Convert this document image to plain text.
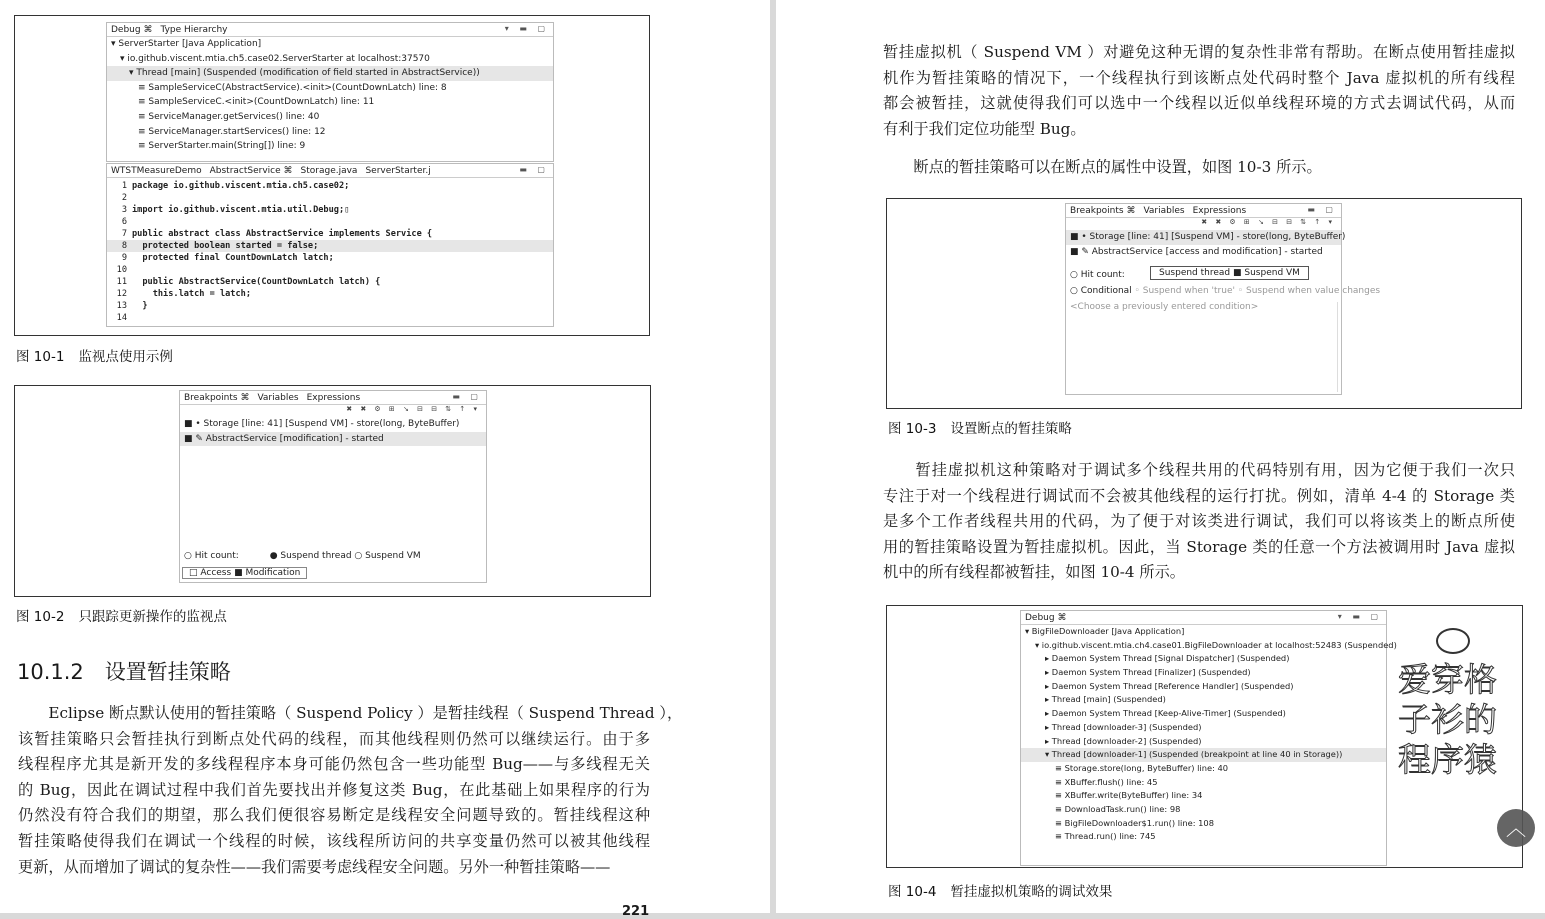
Debug ⌘ Type Hierarchy	▾ ▬ ▢
▾ ServerStarter [Java Application]
▾ io.github.viscent.mtia.ch5.case02.ServerStarter at localhost:37570
▾ Thread [main] (Suspended (modification of field started in AbstractService))
≡ SampleServiceC(AbstractService).<init>(CountDownLatch) line: 8
≡ SampleServiceC.<init>(CountDownLatch) line: 11
≡ ServiceManager.getServices() line: 40
≡ ServiceManager.startServices() line: 12
≡ ServerStarter.main(String[]) line: 9
WTSTMeasureDemo AbstractService ⌘ Storage.java ServerStarter.j	▬ ▢
1 package io.github.viscent.mtia.ch5.case02;
2
3 import io.github.viscent.mtia.util.Debug;▯
6
7 public abstract class AbstractService implements Service {
8  protected boolean started = false;
9  protected final CountDownLatch latch;
10
11  public AbstractService(CountDownLatch latch) {
12    this.latch = latch;
13  }
14
图 10-1 监视点使用示例
Breakpoints ⌘ Variables Expressions	▬ ▢
✖ ✖ ⚙ ⊞ ↘ ⊟ ⊟ ⇅ ↑ ▾
■ • Storage [line: 41] [Suspend VM] - store(long, ByteBuffer)
■ ✎ AbstractService [modification] - started
○ Hit count:	● Suspend thread ○ Suspend VM
□ Access ■ Modification
图 10-2 只跟踪更新操作的监视点
10.1.2　设置暂挂策略
　　Eclipse 断点默认使用的暂挂策略（ Suspend Policy ）是暂挂线程（ Suspend Thread ），
该暂挂策略只会暂挂执行到断点处代码的线程，而其他线程则仍然可以继续运行。由于多
线程程序尤其是新开发的多线程程序本身可能仍然包含一些功能型 Bug——与多线程无关
的 Bug，因此在调试过程中我们首先要找出并修复这类 Bug，在此基础上如果程序的行为
仍然没有符合我们的期望，那么我们便很容易断定是线程安全问题导致的。暂挂线程这种
暂挂策略使得我们在调试一个线程的时候，该线程所访问的共享变量仍然可以被其他线程
更新，从而增加了调试的复杂性——我们需要考虑线程安全问题。另外一种暂挂策略——
221
暂挂虚拟机（ Suspend VM ）对避免这种无谓的复杂性非常有帮助。在断点使用暂挂虚拟
机作为暂挂策略的情况下，一个线程执行到该断点处代码时整个 Java 虚拟机的所有线程
都会被暂挂，这就使得我们可以选中一个线程以近似单线程环境的方式去调试代码，从而
有利于我们定位功能型 Bug。
　　断点的暂挂策略可以在断点的属性中设置，如图 10-3 所示。
Breakpoints ⌘ Variables Expressions	▬ ▢
✖ ✖ ⚙ ⊞ ↘ ⊟ ⊟ ⇅ ↑ ▾
■ • Storage [line: 41] [Suspend VM] - store(long, ByteBuffer)
■ ✎ AbstractService [access and modification] - started
○ Hit count:	Suspend thread ■ Suspend VM
○ Conditional ◦ Suspend when 'true' ◦ Suspend when value changes
<Choose a previously entered condition>
图 10-3 设置断点的暂挂策略
　　暂挂虚拟机这种策略对于调试多个线程共用的代码特别有用，因为它便于我们一次只
专注于对一个线程进行调试而不会被其他线程的运行打扰。例如，清单 4-4 的 Storage 类
是多个工作者线程共用的代码，为了便于对该类进行调试，我们可以将该类上的断点所使
用的暂挂策略设置为暂挂虚拟机。因此，当 Storage 类的任意一个方法被调用时 Java 虚拟
机中的所有线程都被暂挂，如图 10-4 所示。
Debug ⌘	▾ ▬ ▢
▾ BigFileDownloader [Java Application]
▾ io.github.viscent.mtia.ch4.case01.BigFileDownloader at localhost:52483 (Suspended)
▸ Daemon System Thread [Signal Dispatcher] (Suspended)
▸ Daemon System Thread [Finalizer] (Suspended)
▸ Daemon System Thread [Reference Handler] (Suspended)
▸ Thread [main] (Suspended)
▸ Daemon System Thread [Keep-Alive-Timer] (Suspended)
▸ Thread [downloader-3] (Suspended)
▸ Thread [downloader-2] (Suspended)
▾ Thread [downloader-1] (Suspended (breakpoint at line 40 in Storage))
≡ Storage.store(long, ByteBuffer) line: 40
≡ XBuffer.flush() line: 45
≡ XBuffer.write(ByteBuffer) line: 34
≡ DownloadTask.run() line: 98
≡ BigFileDownloader$1.run() line: 108
≡ Thread.run() line: 745
图 10-4 暂挂虚拟机策略的调试效果
爱穿格子衫的程序猿
︿
